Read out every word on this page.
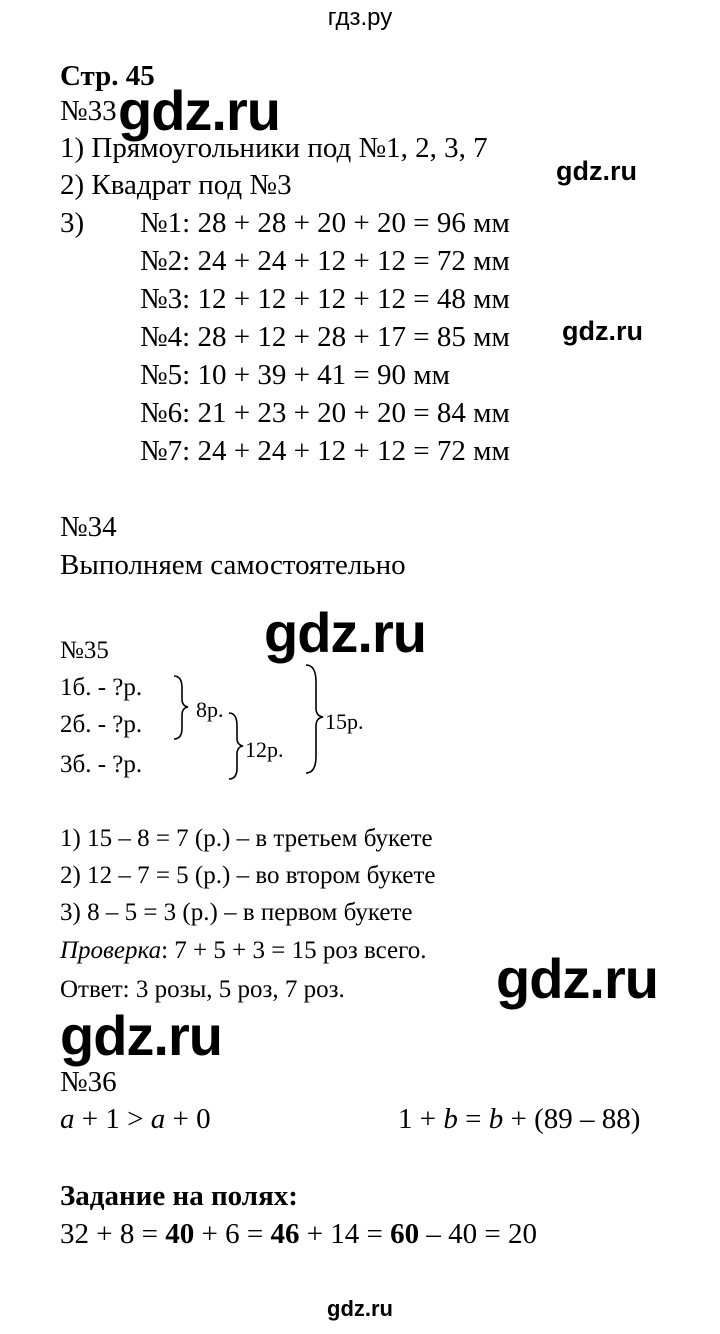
гдз.ру
Стр. 45
№33 gdz.ru
1) Прямоугольники под №1, 2, 3, 7
gdz.ru
2) Квадрат под №3
3) №1: 28 + 28 + 20 + 20 = 96 мм
№2: 24 + 24 + 12 + 12 = 72 мм
№3: 12 + 12 + 12 + 12 = 48 мм
№4: 28 + 12 + 28 + 17 = 85 мм gdz.ru
№5: 10 + 39 + 41 = 90 мм
№6: 21 + 23 + 20 + 20 = 84 мм
№7: 24 + 24 + 12 + 12 = 72 мм
№34
Выполняем самостоятельно
gdz.ru
№35
1б. - ?р.
2б. - ?р.
3б. - ?р.
8р.
12р.
15р.
1) 15 – 8 = 7 (р.) – в третьем букете
2) 12 – 7 = 5 (р.) – во втором букете
3) 8 – 5 = 3 (р.) – в первом букете
Проверка: 7 + 5 + 3 = 15 роз всего. gdz.ru
Ответ: 3 розы, 5 роз, 7 роз.
gdz.ru
№36
a + 1 > a + 0	1 + b = b + (89 – 88)
Задание на полях:
32 + 8 = 40 + 6 = 46 + 14 = 60 – 40 = 20
gdz.ru
